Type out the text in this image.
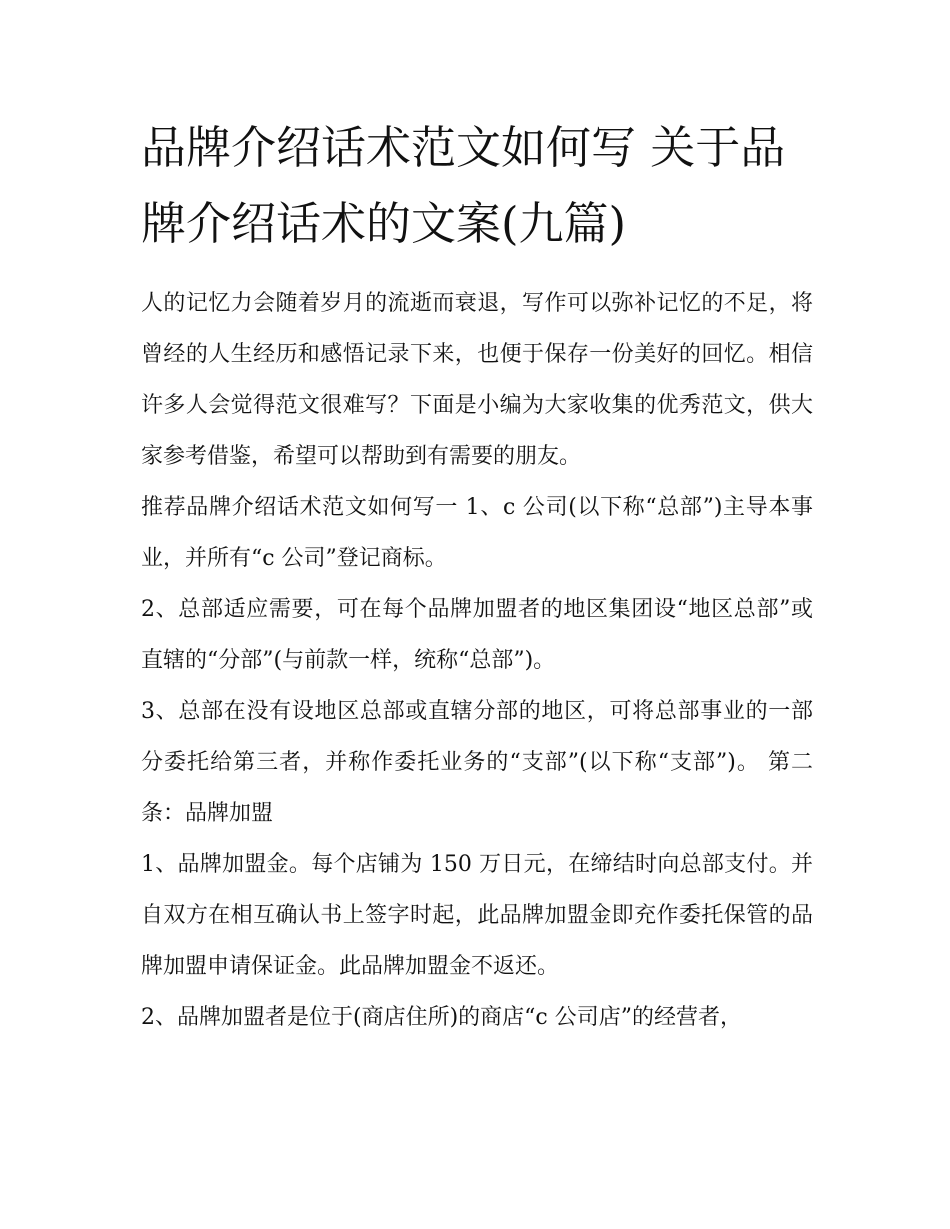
品牌介绍话术范文如何写 关于品牌介绍话术的文案(九篇)

人的记忆力会随着岁月的流逝而衰退，写作可以弥补记忆的不足，将曾经的人生经历和感悟记录下来，也便于保存一份美好的回忆。相信许多人会觉得范文很难写？下面是小编为大家收集的优秀范文，供大家参考借鉴，希望可以帮助到有需要的朋友。

推荐品牌介绍话术范文如何写一 1、c 公司(以下称“总部”)主导本事业，并所有“c 公司”登记商标。

2、总部适应需要，可在每个品牌加盟者的地区集团设“地区总部”或直辖的“分部”(与前款一样，统称“总部”)。

3、总部在没有设地区总部或直辖分部的地区，可将总部事业的一部分委托给第三者，并称作委托业务的“支部”(以下称“支部”)。 第二条：品牌加盟

1、品牌加盟金。每个店铺为 150 万日元，在缔结时向总部支付。并自双方在相互确认书上签字时起，此品牌加盟金即充作委托保管的品牌加盟申请保证金。此品牌加盟金不返还。

2、品牌加盟者是位于(商店住所)的商店“c 公司店”的经营者，
